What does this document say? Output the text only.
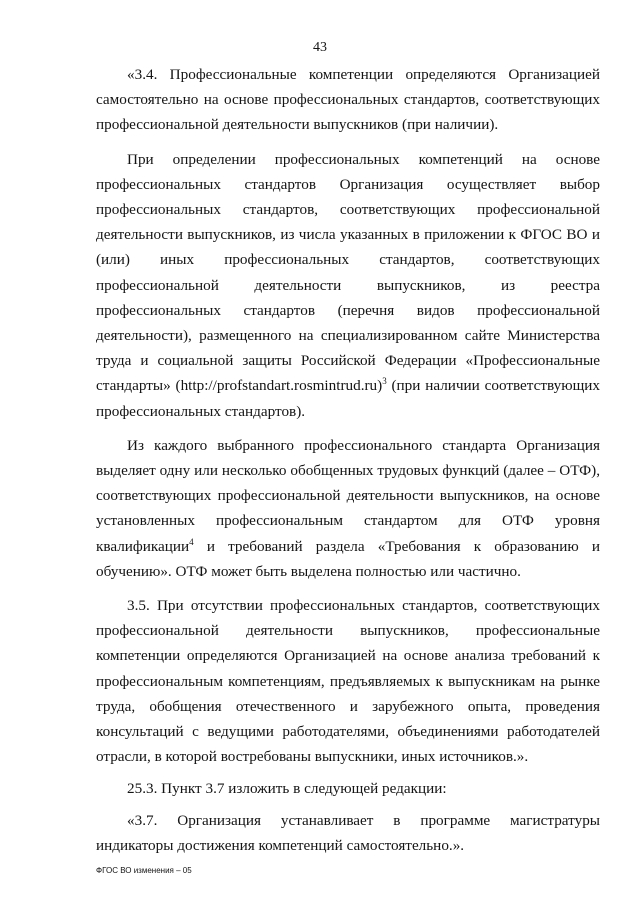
43

«3.4. Профессиональные компетенции определяются Организацией самостоятельно на основе профессиональных стандартов, соответствующих профессиональной деятельности выпускников (при наличии).

При определении профессиональных компетенций на основе профессиональных стандартов Организация осуществляет выбор профессиональных стандартов, соответствующих профессиональной деятельности выпускников, из числа указанных в приложении к ФГОС ВО и (или) иных профессиональных стандартов, соответствующих профессиональной деятельности выпускников, из реестра профессиональных стандартов (перечня видов профессиональной деятельности), размещенного на специализированном сайте Министерства труда и социальной защиты Российской Федерации «Профессиональные стандарты» (http://profstandart.rosmintrud.ru)$^3$ (при наличии соответствующих профессиональных стандартов).

Из каждого выбранного профессионального стандарта Организация выделяет одну или несколько обобщенных трудовых функций (далее – ОТФ), соответствующих профессиональной деятельности выпускников, на основе установленных профессиональным стандартом для ОТФ уровня квалификации$^4$ и требований раздела «Требования к образованию и обучению». ОТФ может быть выделена полностью или частично.

3.5. При отсутствии профессиональных стандартов, соответствующих профессиональной деятельности выпускников, профессиональные компетенции определяются Организацией на основе анализа требований к профессиональным компетенциям, предъявляемых к выпускникам на рынке труда, обобщения отечественного и зарубежного опыта, проведения консультаций с ведущими работодателями, объединениями работодателей отрасли, в которой востребованы выпускники, иных источников.».

25.3. Пункт 3.7 изложить в следующей редакции:

«3.7. Организация устанавливает в программе магистратуры индикаторы достижения компетенций самостоятельно.».

ФГОС ВО изменения – 05
